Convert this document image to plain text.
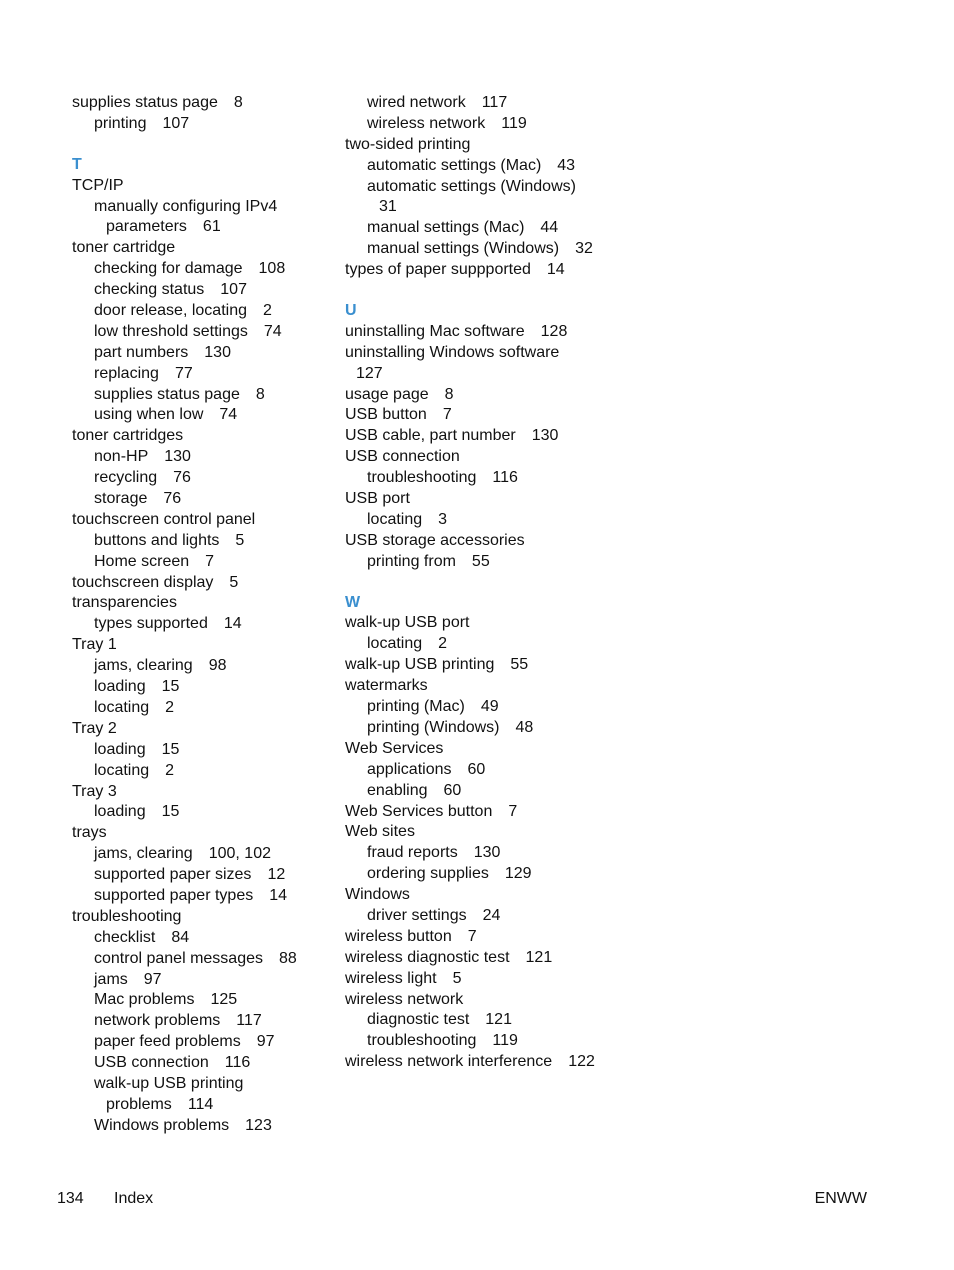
supplies status page 8
printing 107
T
TCP/IP
manually configuring IPv4
parameters 61
toner cartridge
checking for damage 108
checking status 107
door release, locating 2
low threshold settings 74
part numbers 130
replacing 77
supplies status page 8
using when low 74
toner cartridges
non-HP 130
recycling 76
storage 76
touchscreen control panel
buttons and lights 5
Home screen 7
touchscreen display 5
transparencies
types supported 14
Tray 1
jams, clearing 98
loading 15
locating 2
Tray 2
loading 15
locating 2
Tray 3
loading 15
trays
jams, clearing 100, 102
supported paper sizes 12
supported paper types 14
troubleshooting
checklist 84
control panel messages 88
jams 97
Mac problems 125
network problems 117
paper feed problems 97
USB connection 116
walk-up USB printing
problems 114
Windows problems 123
wired network 117
wireless network 119
two-sided printing
automatic settings (Mac) 43
automatic settings (Windows)
31
manual settings (Mac) 44
manual settings (Windows) 32
types of paper suppported 14
U
uninstalling Mac software 128
uninstalling Windows software
127
usage page 8
USB button 7
USB cable, part number 130
USB connection
troubleshooting 116
USB port
locating 3
USB storage accessories
printing from 55
W
walk-up USB port
locating 2
walk-up USB printing 55
watermarks
printing (Mac) 49
printing (Windows) 48
Web Services
applications 60
enabling 60
Web Services button 7
Web sites
fraud reports 130
ordering supplies 129
Windows
driver settings 24
wireless button 7
wireless diagnostic test 121
wireless light 5
wireless network
diagnostic test 121
troubleshooting 119
wireless network interference 122
134 Index	ENWW
